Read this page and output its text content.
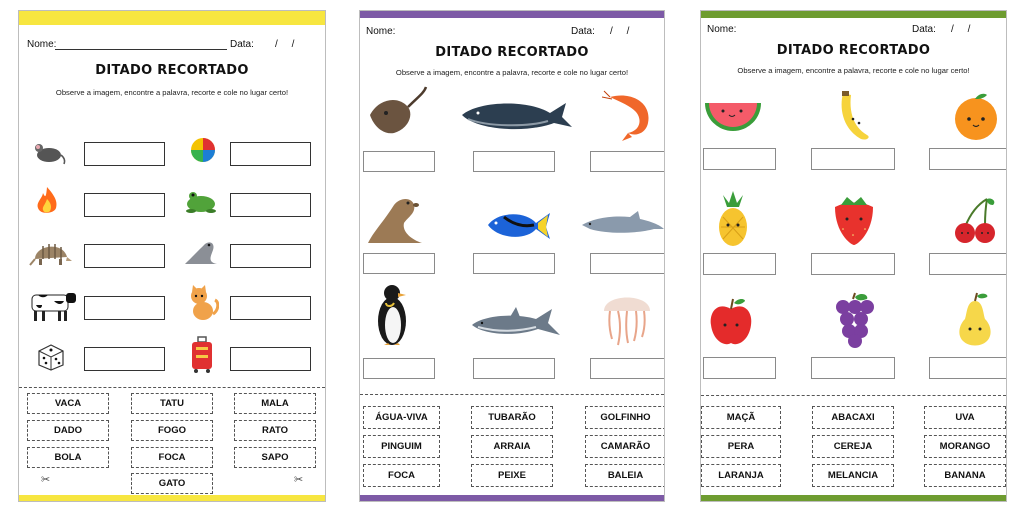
Nome:	Data: /     /
DITADO RECORTADO
Observe a imagem, encontre a palavra, recorte e cole no lugar certo!
VACA	TATU	MALA
DADO	FOGO	RATO
BOLA	FOCA	SAPO
GATO
✂	✂
Nome:	Data: /     /
DITADO RECORTADO
Observe a imagem, encontre a palavra, recorte e cole no lugar certo!
ÁGUA-VIVA	TUBARÃO	GOLFINHO
PINGUIM	ARRAIA	CAMARÃO
FOCA	PEIXE	BALEIA
Nome:	Data: /     /
DITADO RECORTADO
Observe a imagem, encontre a palavra, recorte e cole no lugar certo!
MAÇÃ	ABACAXI	UVA
PERA	CEREJA	MORANGO
LARANJA	MELANCIA	BANANA
